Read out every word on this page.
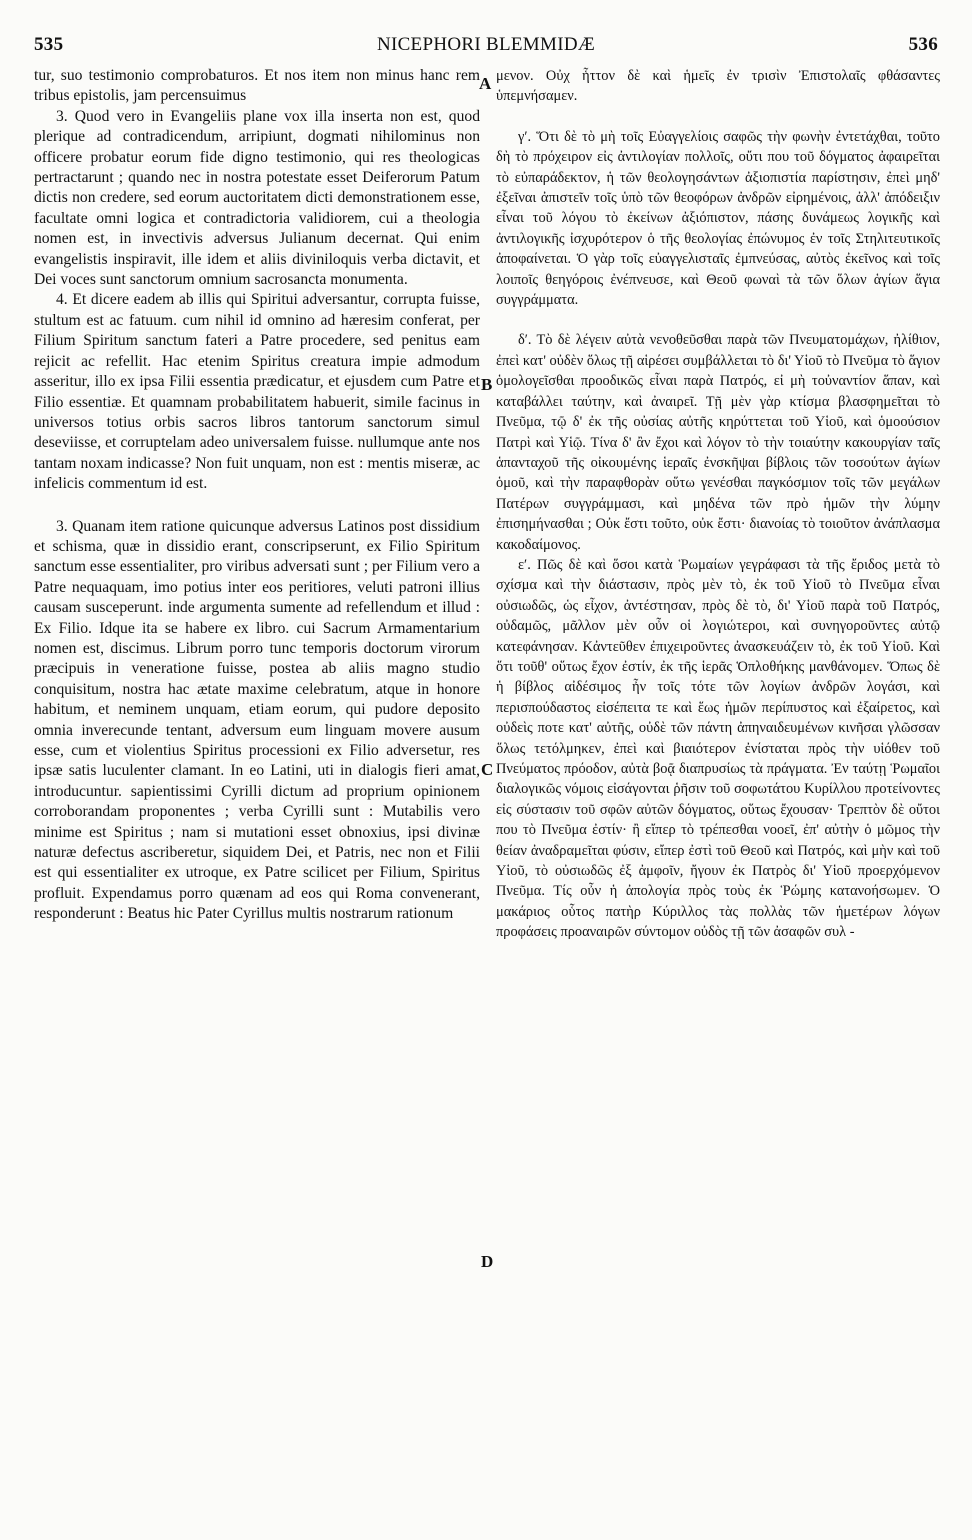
535	NICEPHORI BLEMMIDÆ	536
A
B
C
D

tur, suo testimonio comprobaturos. Et nos item non minus hanc rem tribus epistolis, jam percensuimus

3. Quod vero in Evangeliis plane vox illa inserta non est, quod plerique ad contradicendum, arripiunt, dogmati nihilominus non officere probatur eorum fide digno testimonio, qui res theologicas pertractarunt ; quando nec in nostra potestate esset Deiferorum Patum dictis non credere, sed eorum auctoritatem dicti demonstrationem esse, facultate omni logica et contradictoria validiorem, cui a theologia nomen est, in invectivis adversus Julianum decernat. Qui enim evangelistis inspiravit, ille idem et aliis diviniloquis verba dictavit, et Dei voces sunt sanctorum omnium sacrosancta monumenta.

4. Et dicere eadem ab illis qui Spiritui adversantur, corrupta fuisse, stultum est ac fatuum. cum nihil id omnino ad hæresim conferat, per Filium Spiritum sanctum fateri a Patre procedere, sed penitus eam rejicit ac refellit. Hac etenim Spiritus creatura impie admodum asseritur, illo ex ipsa Filii essentia prædicatur, et ejusdem cum Patre et Filio essentiæ. Et quamnam probabilitatem habuerit, simile facinus in universos totius orbis sacros libros tantorum sanctorum simul deseviisse, et corruptelam adeo universalem fuisse. nullumque ante nos tantam noxam indicasse? Non fuit unquam, non est : mentis miseræ, ac infelicis commentum id est.

3. Quanam item ratione quicunque adversus Latinos post dissidium et schisma, quæ in dissidio erant, conscripserunt, ex Filio Spiritum sanctum esse essentialiter, pro viribus adversati sunt ; per Filium vero a Patre nequaquam, imo potius inter eos peritiores, veluti patroni illius causam susceperunt. inde argumenta sumente ad refellendum et illud : Ex Filio. Idque ita se habere ex libro. cui Sacrum Armamentarium nomen est, discimus. Librum porro tunc temporis doctorum virorum præcipuis in veneratione fuisse, postea ab aliis magno studio conquisitum, nostra hac ætate maxime celebratum, atque in honore habitum, et neminem unquam, etiam eorum, qui pudore deposito omnia inverecunde tentant, adversum eum linguam movere ausum esse, cum et violentius Spiritus processioni ex Filio adversetur, res ipsæ satis luculenter clamant. In eo Latini, uti in dialogis fieri amat, introducuntur. sapientissimi Cyrilli dictum ad proprium opinionem corroborandam proponentes ; verba Cyrilli sunt : Mutabilis vero minime est Spiritus ; nam si mutationi esset obnoxius, ipsi divinæ naturæ defectus ascriberetur, siquidem Dei, et Patris, nec non et Filii est qui essentialiter ex utroque, ex Patre scilicet per Filium, Spiritus profluit. Expendamus porro quænam ad eos qui Roma convenerant, responderunt : Beatus hic Pater Cyrillus multis nostrarum rationum

μενον. Οὐχ ἧττον δὲ καὶ ἡμεῖς ἐν τρισὶν Ἐπιστολαῖς φθάσαντες ὑπεμνήσαμεν.

γʹ. Ὅτι δὲ τὸ μὴ τοῖς Εὐαγγελίοις σαφῶς τὴν φωνὴν ἐντετάχθαι, τοῦτο δὴ τὸ πρόχειρον εἰς ἀντιλογίαν πολλοῖς, οὔτι που τοῦ δόγματος ἀφαιρεῖται τὸ εὐπαράδεκτον, ἡ τῶν θεολογησάντων ἀξιοπιστία παρίστησιν, ἐπεὶ μηδ' ἐξεῖναι ἀπιστεῖν τοῖς ὑπὸ τῶν θεοφόρων ἀνδρῶν εἰρημένοις, ἀλλ' ἀπόδειξιν εἶναι τοῦ λόγου τὸ ἐκείνων ἀξιόπιστον, πάσης δυνάμεως λογικῆς καὶ ἀντιλογικῆς ἰσχυρότερον ὁ τῆς θεολογίας ἐπώνυμος ἐν τοῖς Στηλιτευτικοῖς ἀποφαίνεται. Ὁ γὰρ τοῖς εὐαγγελισταῖς ἐμπνεύσας, αὐτὸς ἐκεῖνος καὶ τοῖς λοιποῖς θεηγόροις ἐνέπνευσε, καὶ Θεοῦ φωναὶ τὰ τῶν ὅλων ἁγίων ἅγια συγγράμματα.

δʹ. Τὸ δὲ λέγειν αὐτὰ νενοθεῦσθαι παρὰ τῶν Πνευματομάχων, ἠλίθιον, ἐπεὶ κατ' οὐδὲν ὅλως τῇ αἱρέσει συμβάλλεται τὸ δι' Υἱοῦ τὸ Πνεῦμα τὸ ἅγιον ὁμολογεῖσθαι προοδικῶς εἶναι παρὰ Πατρός, εἰ μὴ τοὐναντίον ἅπαν, καὶ καταβάλλει ταύτην, καὶ ἀναιρεῖ. Τῇ μὲν γὰρ κτίσμα βλασφημεῖται τὸ Πνεῦμα, τῷ δ' ἐκ τῆς οὐσίας αὐτῆς κηρύττεται τοῦ Υἱοῦ, καὶ ὁμοούσιον Πατρὶ καὶ Υἱῷ. Τίνα δ' ἂν ἔχοι καὶ λόγον τὸ τὴν τοιαύτην κακουργίαν ταῖς ἁπανταχοῦ τῆς οἰκουμένης ἱεραῖς ἐνσκῆψαι βίβλοις τῶν τοσούτων ἁγίων ὁμοῦ, καὶ τὴν παραφθορὰν οὕτω γενέσθαι παγκόσμιον τοῖς τῶν μεγάλων Πατέρων συγγράμμασι, καὶ μηδένα τῶν πρὸ ἡμῶν τὴν λύμην ἐπισημήνασθαι ; Οὐκ ἔστι τοῦτο, οὐκ ἔστι· διανοίας τὸ τοιοῦτον ἀνάπλασμα κακοδαίμονος.

εʹ. Πῶς δὲ καὶ ὅσοι κατὰ Ῥωμαίων γεγράφασι τὰ τῆς ἔριδος μετὰ τὸ σχίσμα καὶ τὴν διάστασιν, πρὸς μὲν τὸ, ἐκ τοῦ Υἱοῦ τὸ Πνεῦμα εἶναι οὐσιωδῶς, ὡς εἶχον, ἀντέστησαν, πρὸς δὲ τὸ, δι' Υἱοῦ παρὰ τοῦ Πατρός, οὐδαμῶς, μᾶλλον μὲν οὖν οἱ λογιώτεροι, καὶ συνηγοροῦντες αὐτῷ κατεφάνησαν. Κἀντεῦθεν ἐπιχειροῦντες ἀνασκευάζειν τὸ, ἐκ τοῦ Υἱοῦ. Καὶ ὅτι τοῦθ' οὕτως ἔχον ἐστίν, ἐκ τῆς ἱερᾶς Ὁπλοθήκης μανθάνομεν. Ὅπως δὲ ἡ βίβλος αἰδέσιμος ἦν τοῖς τότε τῶν λογίων ἀνδρῶν λογάσι, καὶ περισπούδαστος εἰσέπειτα τε καὶ ἕως ἡμῶν περίπυστος καὶ ἐξαίρετος, καὶ οὐδεὶς ποτε κατ' αὐτῆς, οὐδὲ τῶν πάντη ἀπηναιδευμένων κινῆσαι γλῶσσαν ὅλως τετόλμηκεν, ἐπεὶ καὶ βιαιότερον ἐνίσταται πρὸς τὴν υἱόθεν τοῦ Πνεύματος πρόοδον, αὐτὰ βοᾷ διαπρυσίως τὰ πράγματα. Ἐν ταύτῃ Ῥωμαῖοι διαλογικῶς νόμοις εἰσάγονται ῥῆσιν τοῦ σοφωτάτου Κυρίλλου προτείνοντες εἰς σύστασιν τοῦ σφῶν αὐτῶν δόγματος, οὕτως ἔχουσαν· Τρεπτὸν δὲ οὔτοι που τὸ Πνεῦμα ἐστίν· ἢ εἴπερ τὸ τρέπεσθαι νοοεῖ, ἐπ' αὐτὴν ὁ μῶμος τὴν θείαν ἀναδραμεῖται φύσιν, εἴπερ ἐστὶ τοῦ Θεοῦ καὶ Πατρός, καὶ μὴν καὶ τοῦ Υἱοῦ, τὸ οὐσιωδῶς ἐξ ἀμφοῖν, ἤγουν ἐκ Πατρὸς δι' Υἱοῦ προερχόμενον Πνεῦμα. Τίς οὖν ἡ ἀπολογία πρὸς τοὺς ἐκ Ῥώμης κατανοήσωμεν. Ὁ μακάριος οὗτος πατὴρ Κύριλλος τὰς πολλὰς τῶν ἡμετέρων λόγων προφάσεις προαναιρῶν σύντομον οὐδὸς τῇ τῶν ἀσαφῶν συλ -
